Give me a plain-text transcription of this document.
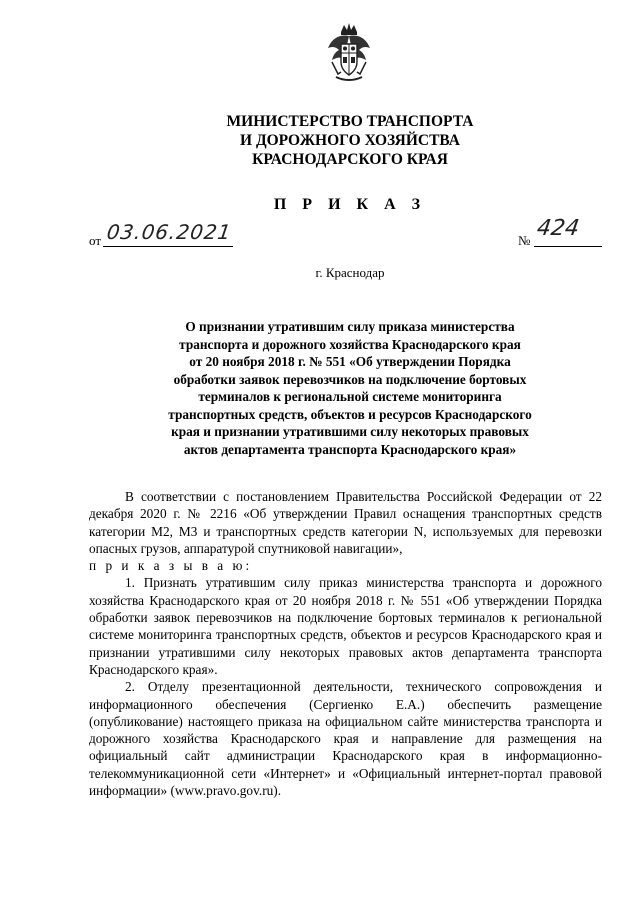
МИНИСТЕРСТВО ТРАНСПОРТА
И ДОРОЖНОГО ХОЗЯЙСТВА
КРАСНОДАРСКОГО КРАЯ
П Р И К А З
от 03.06.2021	№ 424
г. Краснодар
О признании утратившим силу приказа министерства
транспорта и дорожного хозяйства Краснодарского края
от 20 ноября 2018 г. № 551 «Об утверждении Порядка
обработки заявок перевозчиков на подключение бортовых
терминалов к региональной системе мониторинга
транспортных средств, объектов и ресурсов Краснодарского
края и признании утратившими силу некоторых правовых
актов департамента транспорта Краснодарского края»

В соответствии с постановлением Правительства Российской Федерации от 22 декабря 2020 г. № 2216 «Об утверждении Правил оснащения транспортных средств категории М2, М3 и транспортных средств категории N, используемых для перевозки опасных грузов, аппаратурой спутниковой навигации»,

п р и к а з ы в а ю:

1. Признать утратившим силу приказ министерства транспорта и дорожного хозяйства Краснодарского края от 20 ноября 2018 г. № 551 «Об утверждении Порядка обработки заявок перевозчиков на подключение бортовых терминалов к региональной системе мониторинга транспортных средств, объектов и ресурсов Краснодарского края и признании утратившими силу некоторых правовых актов департамента транспорта Краснодарского края».

2. Отделу презентационной деятельности, технического сопровождения и информационного обеспечения (Сергиенко Е.А.) обеспечить размещение (опубликование) настоящего приказа на официальном сайте министерства транспорта и дорожного хозяйства Краснодарского края и направление для размещения на официальный сайт администрации Краснодарского края в информационно-телекоммуникационной сети «Интернет» и «Официальный интернет-портал правовой информации» (www.pravo.gov.ru).
